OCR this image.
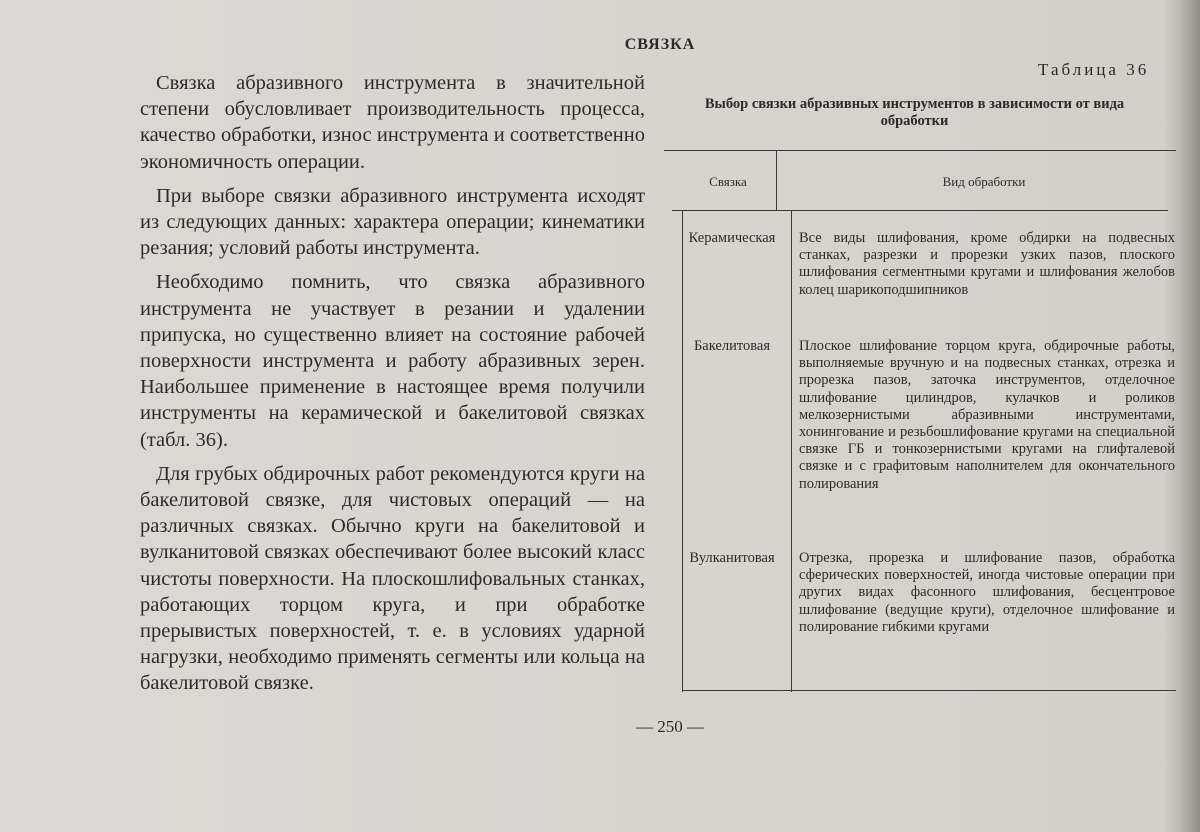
СВЯЗКА

Связка абразивного инструмента в значительной степени обусловливает производительность процесса, качество обработки, износ инструмента и соответственно экономичность операции.

При выборе связки абразивного инструмента исходят из следующих данных: характера операции; кинематики резания; условий работы инструмента.

Необходимо помнить, что связка абразивного инструмента не участвует в резании и удалении припуска, но существенно влияет на состояние рабочей поверхности инструмента и работу абразивных зерен. Наибольшее применение в настоящее время получили инструменты на керамической и бакелитовой связках (табл. 36).

Для грубых обдирочных работ рекомендуются круги на бакелитовой связке, для чистовых операций — на различных связках. Обычно круги на бакелитовой и вулканитовой связках обеспечивают более высокий класс чистоты поверхности. На плоскошлифовальных станках, работающих торцом круга, и при обработке прерывистых поверхностей, т. е. в условиях ударной нагрузки, необходимо применять сегменты или кольца на бакелитовой связке.

Таблица 36
Выбор связки абразивных инструментов в зависимости от вида обработки
Связка	Вид обработки
Керамическая	Все виды шлифования, кроме обдирки на подвесных станках, разрезки и прорезки узких пазов, плоского шлифования сегментными кругами и шлифования желобов колец шарикоподшипников
Бакелитовая	Плоское шлифование торцом круга, обдирочные работы, выполняемые вручную и на подвесных станках, отрезка и прорезка пазов, заточка инструментов, отделочное шлифование цилиндров, кулачков и роликов мелкозернистыми абразивными инструментами, хонингование и резьбошлифование кругами на специальной связке ГБ и тонкозернистыми кругами на глифталевой связке и с графитовым наполнителем для окончательного полирования
Вулканитовая	Отрезка, прорезка и шлифование пазов, обработка сферических поверхностей, иногда чистовые операции при других видах фасонного шлифования, бесцентровое шлифование (ведущие круги), отделочное шлифование и полирование гибкими кругами
— 250 —
